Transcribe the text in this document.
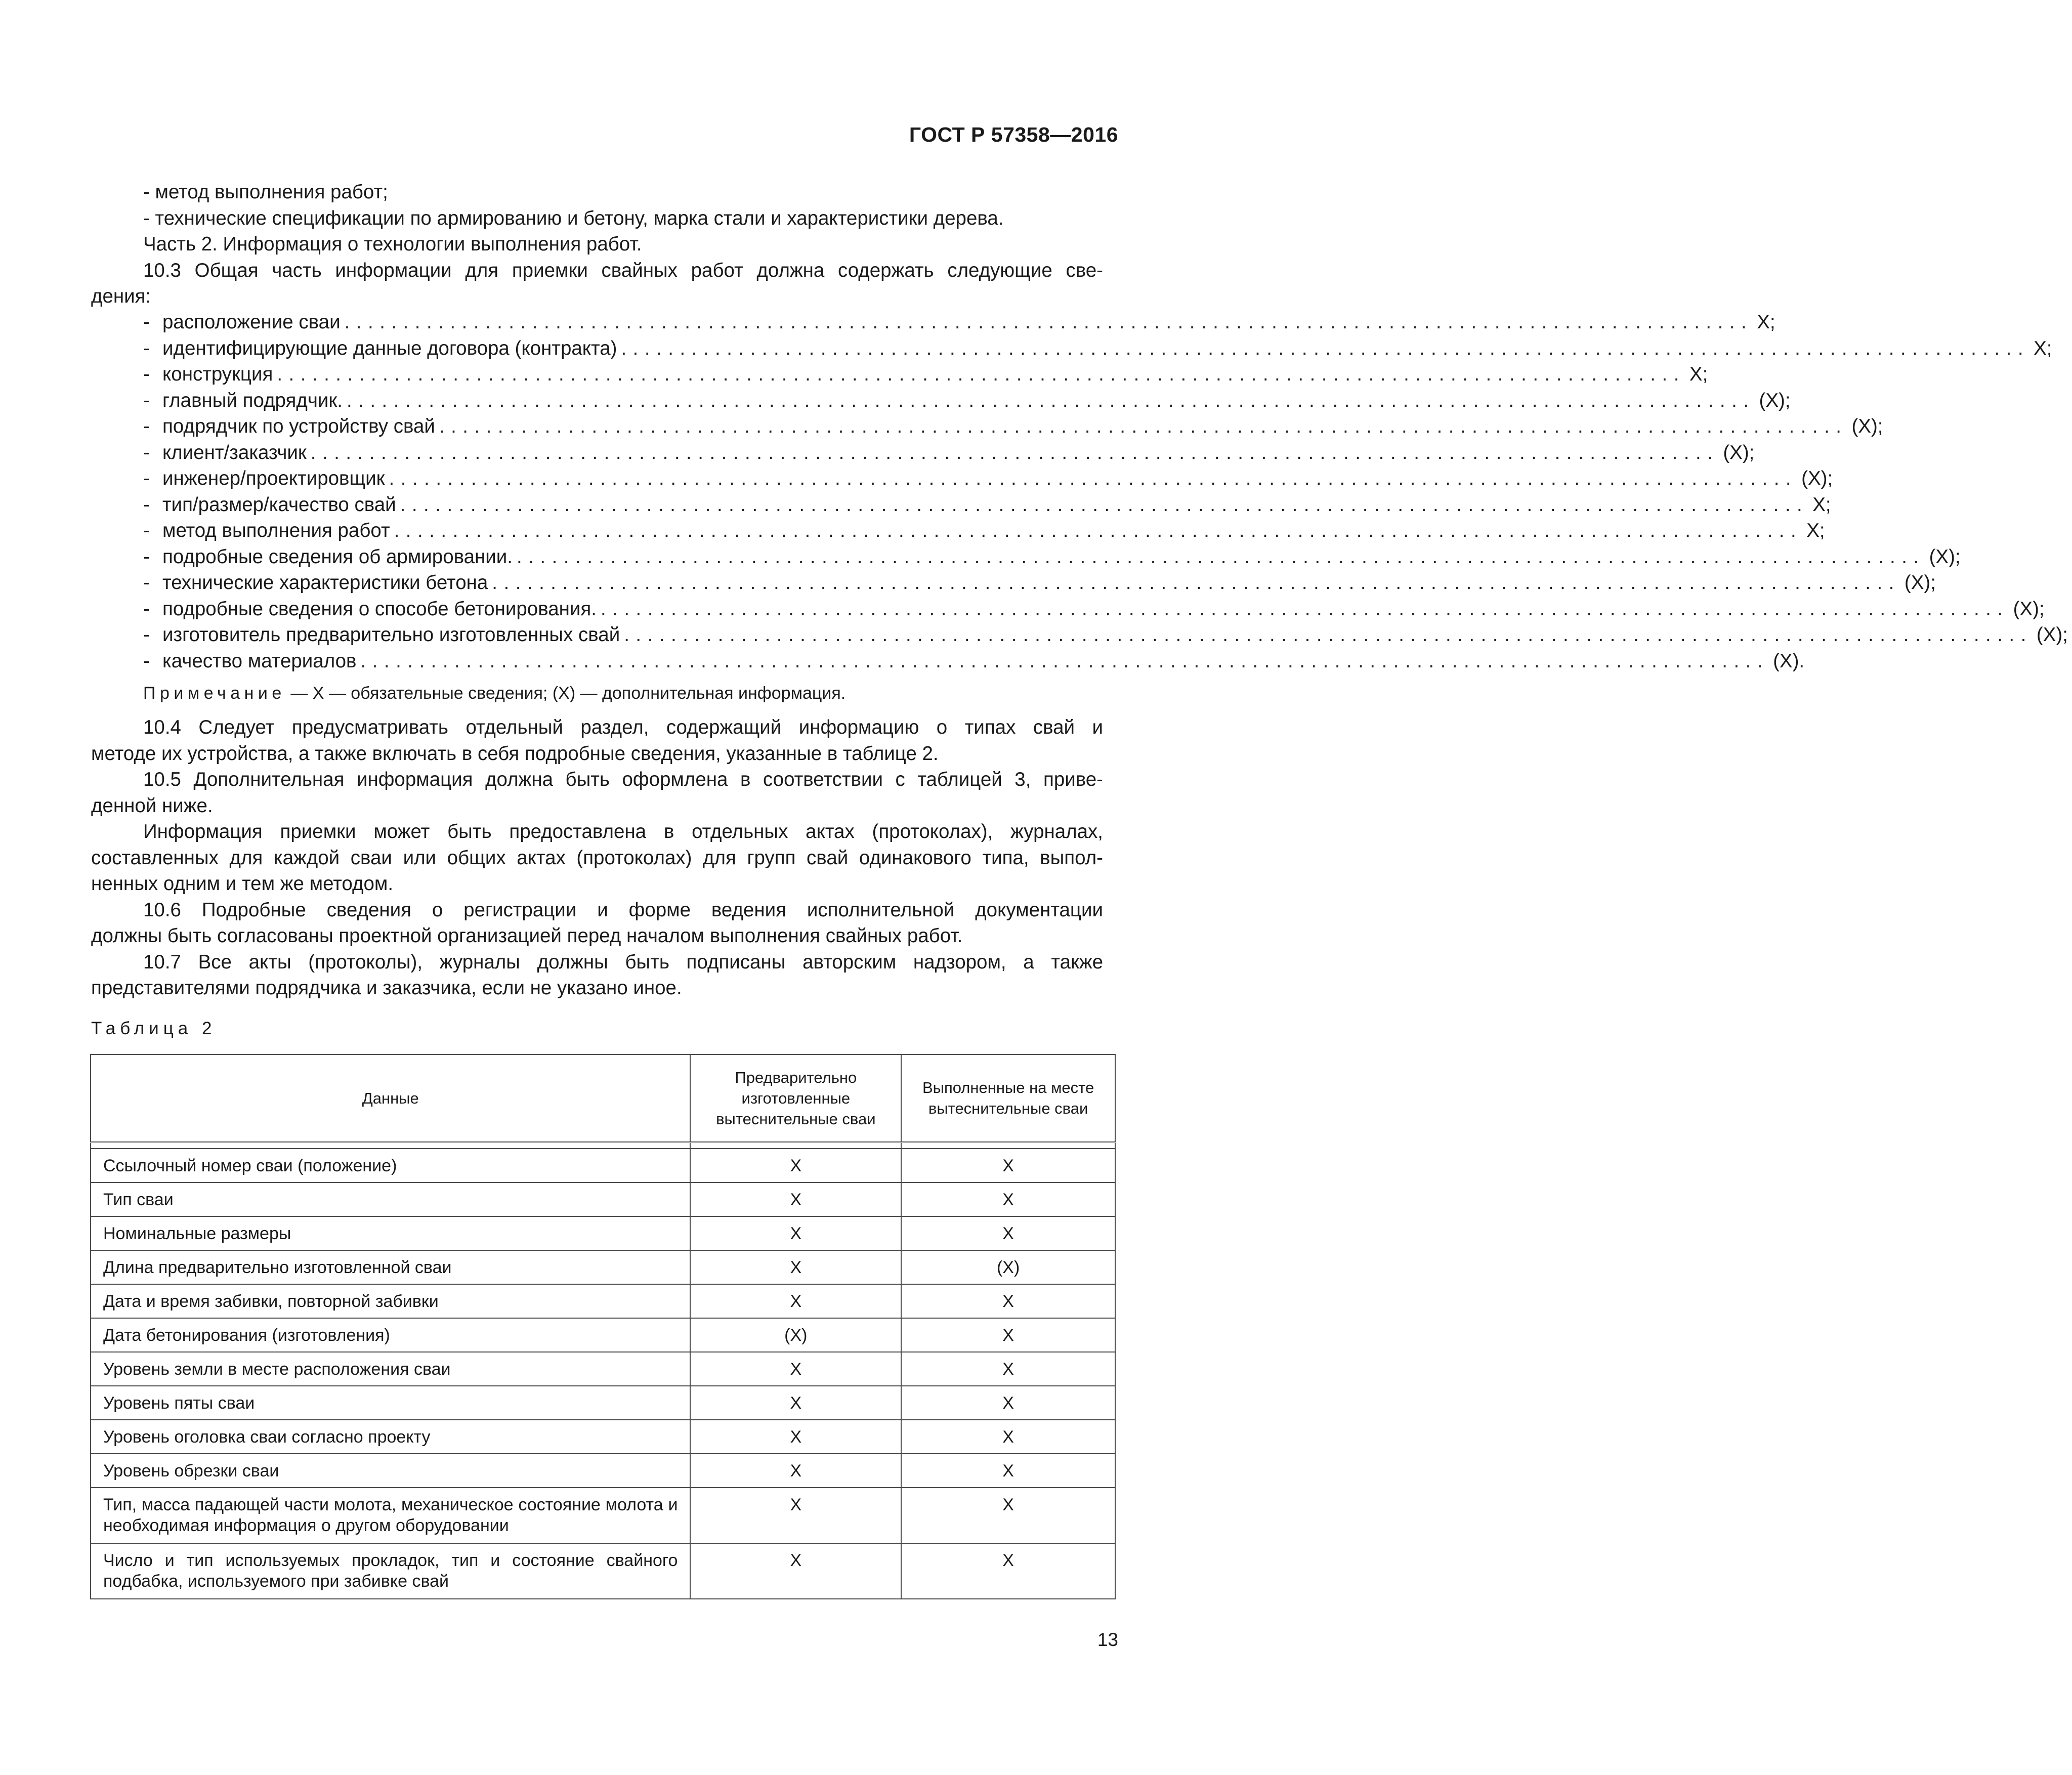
ГОСТ Р 57358—2016

- метод выполнения работ;

- технические спецификации по армированию и бетону, марка стали и характеристики дерева.

Часть 2. Информация о технологии выполнения работ.

10.3 Общая часть информации для приемки свайных работ должна содержать следующие све-

дения:

- расположение сваи ........................................................................................................................ X;
- идентифицирующие данные договора (контракта) ........................................................................................................................ X;
- конструкция ........................................................................................................................ X;
- главный подрядчик. ........................................................................................................................ (X);
- подрядчик по устройству свай ........................................................................................................................ (X);
- клиент/заказчик ........................................................................................................................ (X);
- инженер/проектировщик ........................................................................................................................ (X);
- тип/размер/качество свай ........................................................................................................................ X;
- метод выполнения работ ........................................................................................................................ X;
- подробные сведения об армировании. ........................................................................................................................ (X);
- технические характеристики бетона ........................................................................................................................ (X);
- подробные сведения о способе бетонирования. ........................................................................................................................ (X);
- изготовитель предварительно изготовленных свай ........................................................................................................................ (X);
- качество материалов ........................................................................................................................ (X).
Примечание — X — обязательные сведения; (X) — дополнительная информация.

10.4 Следует предусматривать отдельный раздел, содержащий информацию о типах свай и

методе их устройства, а также включать в себя подробные сведения, указанные в таблице 2.

10.5 Дополнительная информация должна быть оформлена в соответствии с таблицей 3, приве-

денной ниже.

Информация приемки может быть предоставлена в отдельных актах (протоколах), журналах,

составленных для каждой сваи или общих актах (протоколах) для групп свай одинакового типа, выпол-

ненных одним и тем же методом.

10.6 Подробные сведения о регистрации и форме ведения исполнительной документации

должны быть согласованы проектной организацией перед началом выполнения свайных работ.

10.7 Все акты (протоколы), журналы должны быть подписаны авторским надзором, а также

представителями подрядчика и заказчика, если не указано иное.

Таблица 2
Данные	Предварительно изготовленные вытеснительные сваи	Выполненные на месте вытеснительные сваи

Ссылочный номер сваи (положение)	X	X
Тип сваи	X	X
Номинальные размеры	X	X
Длина предварительно изготовленной сваи	X	(X)
Дата и время забивки, повторной забивки	X	X
Дата бетонирования (изготовления)	(X)	X
Уровень земли в месте расположения сваи	X	X
Уровень пяты сваи	X	X
Уровень оголовка сваи согласно проекту	X	X
Уровень обрезки сваи	X	X
Тип, масса падающей части молота, механическое состояние молота и необходимая информация о другом оборудовании	X	X
Число и тип используемых прокладок, тип и состояние свайного подбабка, используемого при забивке свай	X	X
13
